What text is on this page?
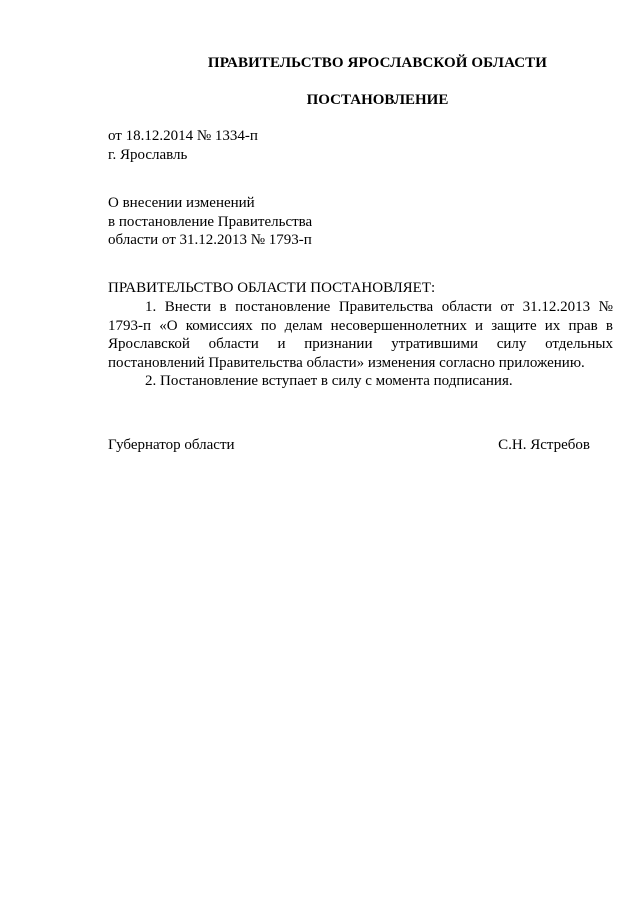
ПРАВИТЕЛЬСТВО ЯРОСЛАВСКОЙ ОБЛАСТИ
ПОСТАНОВЛЕНИЕ
от 18.12.2014 № 1334-п
г. Ярославль
О внесении изменений
в постановление Правительства
области от 31.12.2013 № 1793-п
ПРАВИТЕЛЬСТВО ОБЛАСТИ ПОСТАНОВЛЯЕТ:

1. Внести в постановление Правительства области от 31.12.2013 № 1793-п «О комиссиях по делам несовершеннолетних и защите их прав в Ярославской области и признании утратившими силу отдельных постановлений Правительства области» изменения согласно приложению.

2. Постановление вступает в силу с момента подписания.

Губернатор области	С.Н. Ястребов
